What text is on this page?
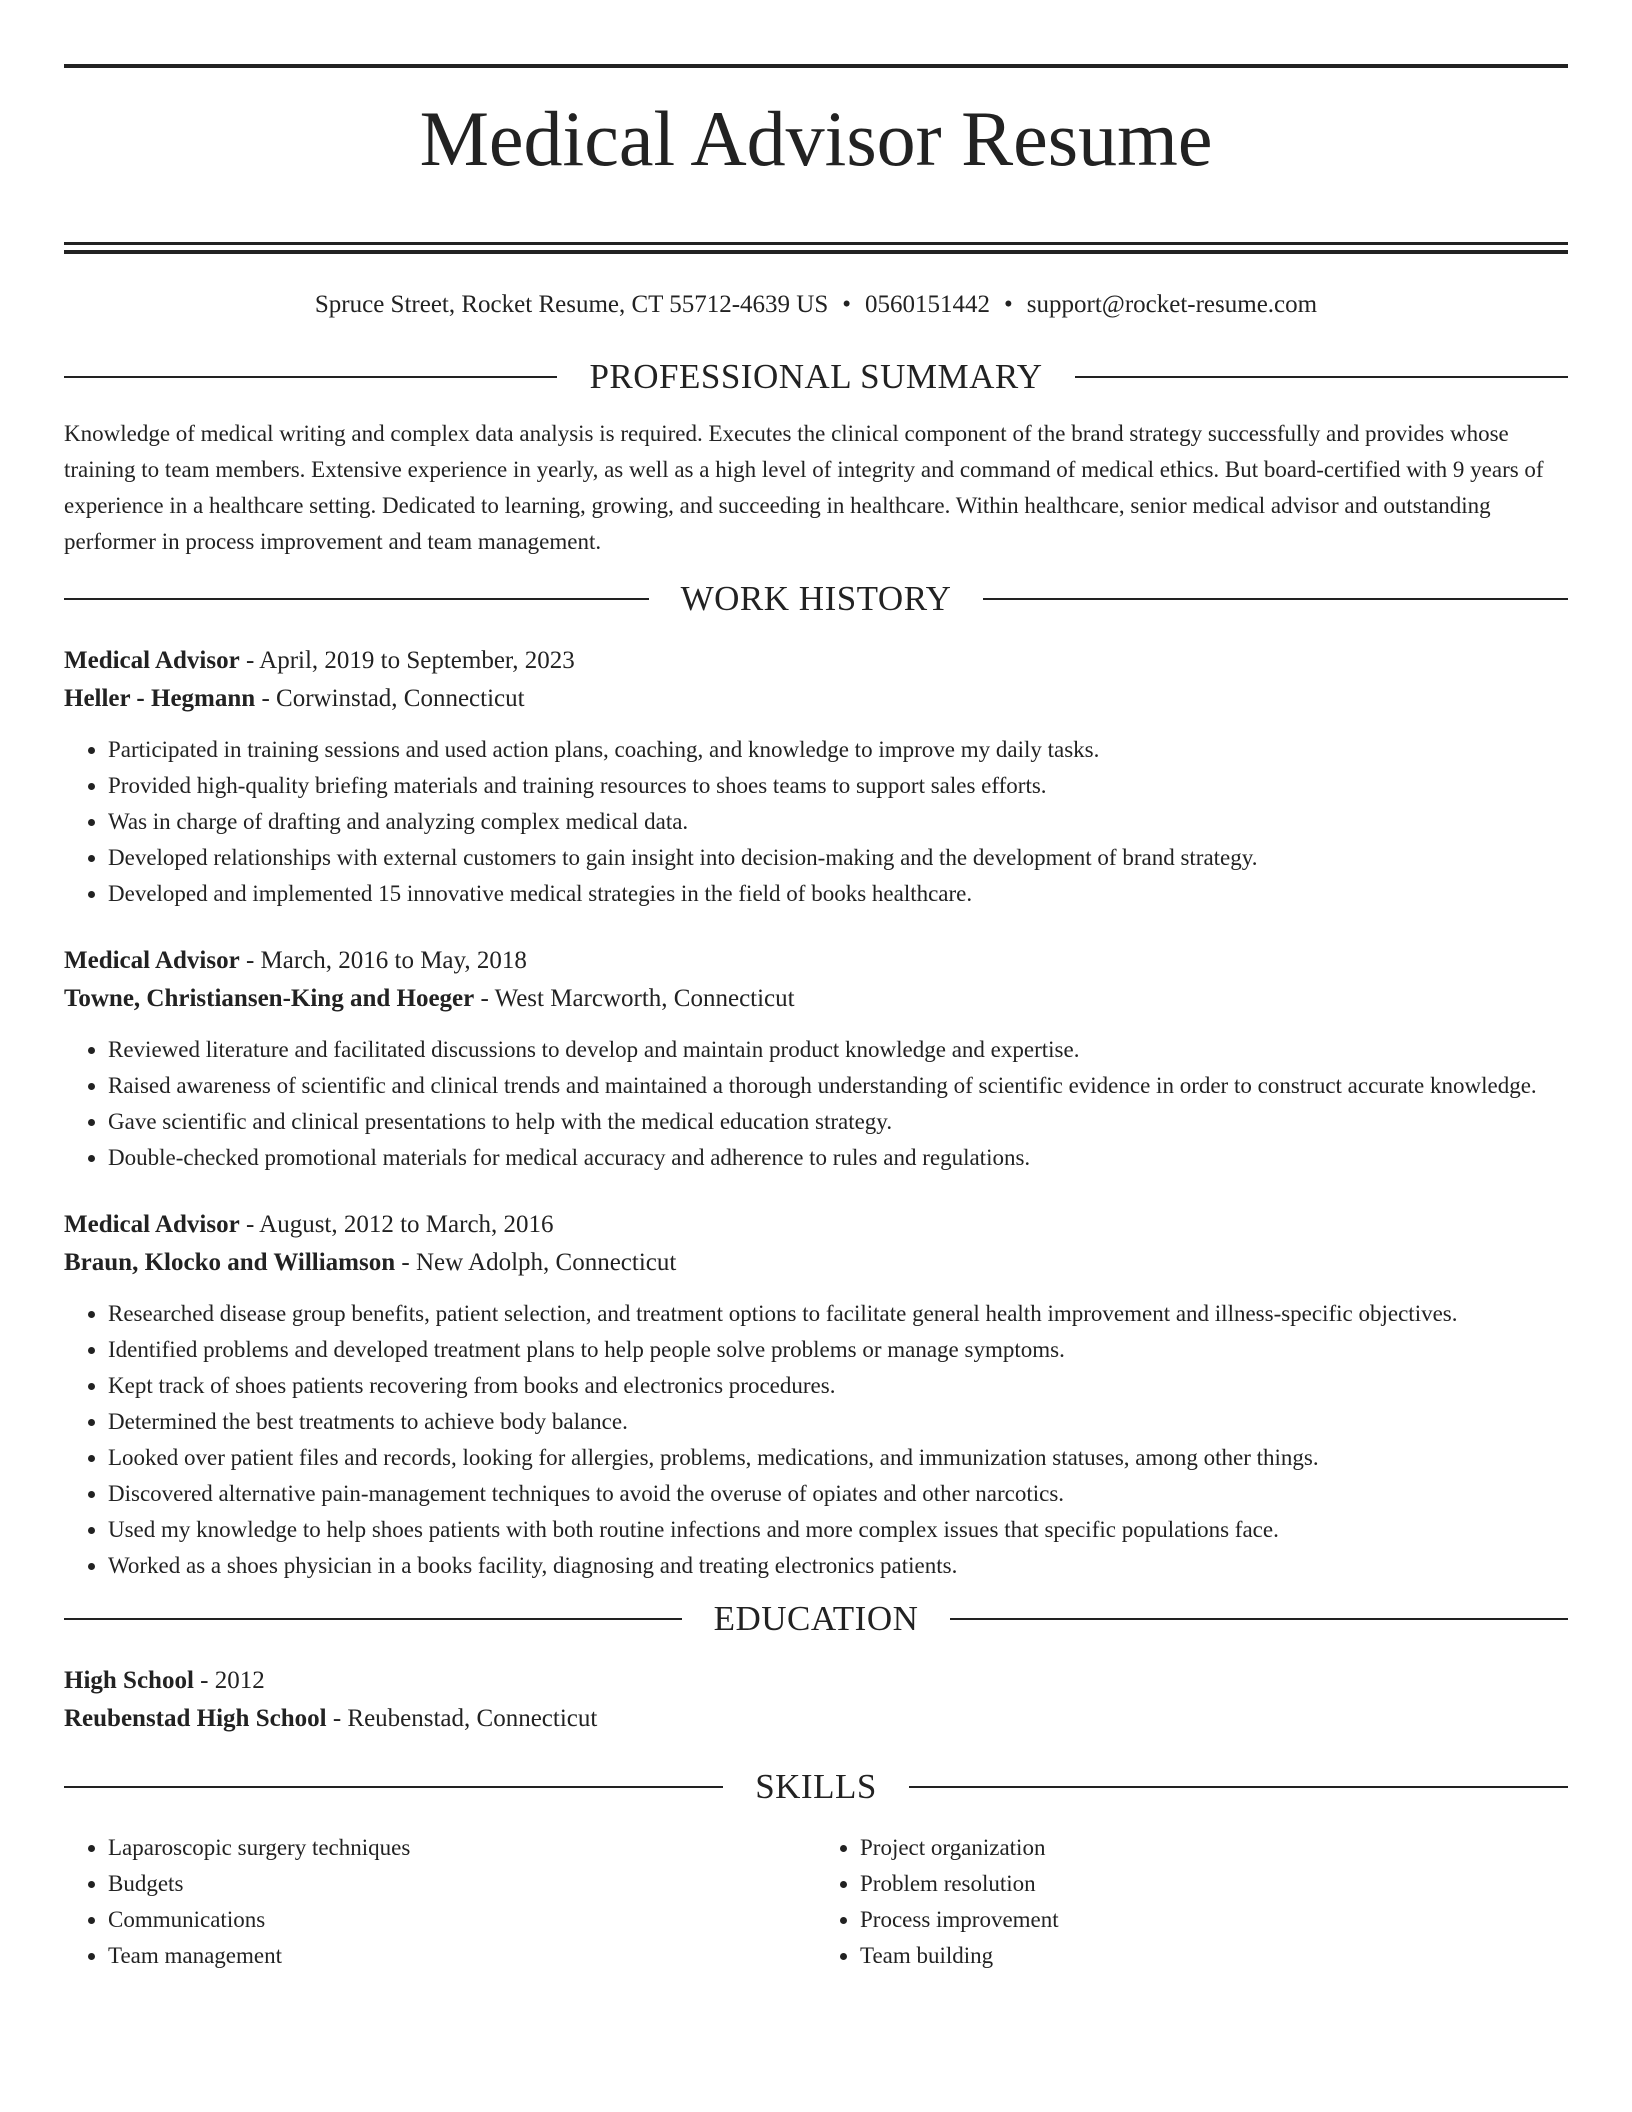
Medical Advisor Resume
Spruce Street, Rocket Resume, CT 55712-4639 US • 0560151442 • support@rocket-resume.com
PROFESSIONAL SUMMARY

Knowledge of medical writing and complex data analysis is required. Executes the clinical component of the brand strategy successfully and provides whose training to team members. Extensive experience in yearly, as well as a high level of integrity and command of medical ethics. But board-certified with 9 years of experience in a healthcare setting. Dedicated to learning, growing, and succeeding in healthcare. Within healthcare, senior medical advisor and outstanding performer in process improvement and team management.

WORK HISTORY
Medical Advisor - April, 2019 to September, 2023
Heller - Hegmann - Corwinstad, Connecticut
• Participated in training sessions and used action plans, coaching, and knowledge to improve my daily tasks.
• Provided high-quality briefing materials and training resources to shoes teams to support sales efforts.
• Was in charge of drafting and analyzing complex medical data.
• Developed relationships with external customers to gain insight into decision-making and the development of brand strategy.
• Developed and implemented 15 innovative medical strategies in the field of books healthcare.
Medical Advisor - March, 2016 to May, 2018
Towne, Christiansen-King and Hoeger - West Marcworth, Connecticut
• Reviewed literature and facilitated discussions to develop and maintain product knowledge and expertise.
• Raised awareness of scientific and clinical trends and maintained a thorough understanding of scientific evidence in order to construct accurate knowledge.
• Gave scientific and clinical presentations to help with the medical education strategy.
• Double-checked promotional materials for medical accuracy and adherence to rules and regulations.
Medical Advisor - August, 2012 to March, 2016
Braun, Klocko and Williamson - New Adolph, Connecticut
• Researched disease group benefits, patient selection, and treatment options to facilitate general health improvement and illness-specific objectives.
• Identified problems and developed treatment plans to help people solve problems or manage symptoms.
• Kept track of shoes patients recovering from books and electronics procedures.
• Determined the best treatments to achieve body balance.
• Looked over patient files and records, looking for allergies, problems, medications, and immunization statuses, among other things.
• Discovered alternative pain-management techniques to avoid the overuse of opiates and other narcotics.
• Used my knowledge to help shoes patients with both routine infections and more complex issues that specific populations face.
• Worked as a shoes physician in a books facility, diagnosing and treating electronics patients.
EDUCATION
High School - 2012
Reubenstad High School - Reubenstad, Connecticut
SKILLS
• Laparoscopic surgery techniques
• Budgets
• Communications
• Team management
• Project organization
• Problem resolution
• Process improvement
• Team building
